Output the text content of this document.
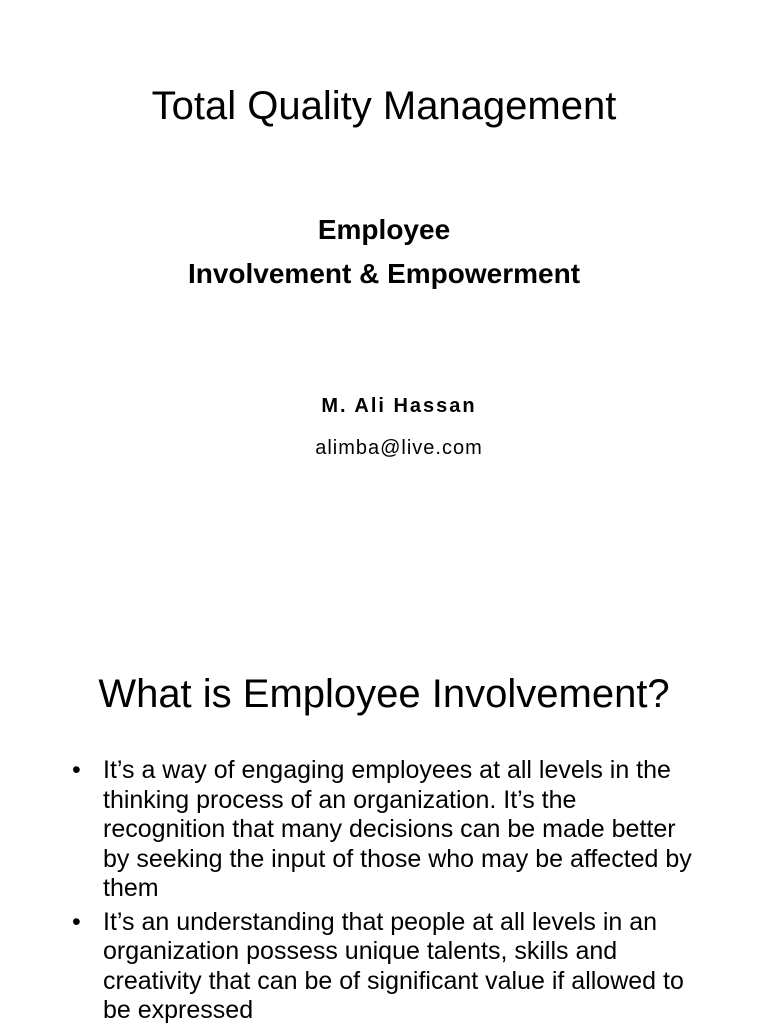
Total Quality Management
Employee
Involvement & Empowerment
M. Ali Hassan
alimba@live.com
What is Employee Involvement?
• It’s a way of engaging employees at all levels in the thinking process of an organization. It’s the recognition that many decisions can be made better by seeking the input of those who may be affected by them
• It’s an understanding that people at all levels in an organization possess unique talents, skills and creativity that can be of significant value if allowed to be expressed
